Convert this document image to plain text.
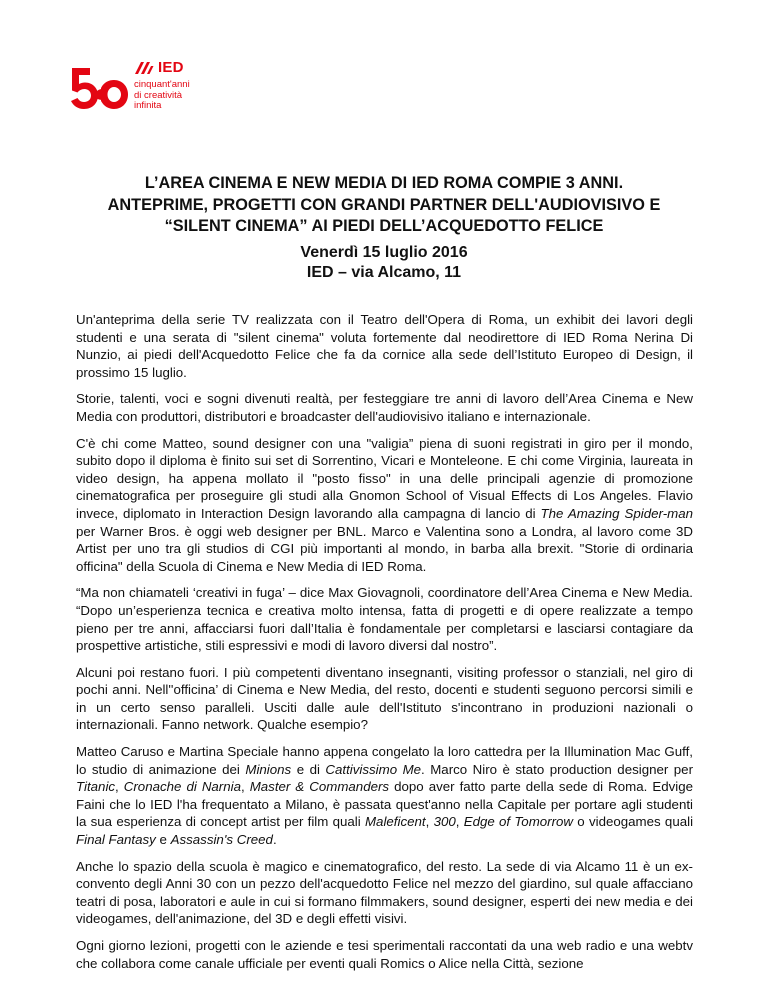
IED
cinquant'anni
di creatività
infinita
L’AREA CINEMA E NEW MEDIA DI IED ROMA COMPIE 3 ANNI.
ANTEPRIME, PROGETTI CON GRANDI PARTNER DELL'AUDIOVISIVO E
“SILENT CINEMA” AI PIEDI DELL’ACQUEDOTTO FELICE
Venerdì 15 luglio 2016
IED – via Alcamo, 11

Un'anteprima della serie TV realizzata con il Teatro dell'Opera di Roma, un exhibit dei lavori degli studenti e una serata di "silent cinema" voluta fortemente dal neodirettore di IED Roma Nerina Di Nunzio, ai piedi dell'Acquedotto Felice che fa da cornice alla sede dell’Istituto Europeo di Design, il prossimo 15 luglio.

Storie, talenti, voci e sogni divenuti realtà, per festeggiare tre anni di lavoro dell’Area Cinema e New Media con produttori, distributori e broadcaster dell'audiovisivo italiano e internazionale.

C'è chi come Matteo, sound designer con una "valigia” piena di suoni registrati in giro per il mondo, subito dopo il diploma è finito sui set di Sorrentino, Vicari e Monteleone. E chi come Virginia, laureata in video design, ha appena mollato il "posto fisso" in una delle principali agenzie di promozione cinematografica per proseguire gli studi alla Gnomon School of Visual Effects di Los Angeles. Flavio invece, diplomato in Interaction Design lavorando alla campagna di lancio di The Amazing Spider-man per Warner Bros. è oggi web designer per BNL. Marco e Valentina sono a Londra, al lavoro come 3D Artist per uno tra gli studios di CGI più importanti al mondo, in barba alla brexit. "Storie di ordinaria officina" della Scuola di Cinema e New Media di IED Roma.

“Ma non chiamateli ‘creativi in fuga’ – dice Max Giovagnoli, coordinatore dell’Area Cinema e New Media. “Dopo un’esperienza tecnica e creativa molto intensa, fatta di progetti e di opere realizzate a tempo pieno per tre anni, affacciarsi fuori dall’Italia è fondamentale per completarsi e lasciarsi contagiare da prospettive artistiche, stili espressivi e modi di lavoro diversi dal nostro”.

Alcuni poi restano fuori. I più competenti diventano insegnanti, visiting professor o stanziali, nel giro di pochi anni. Nell''officina’ di Cinema e New Media, del resto, docenti e studenti seguono percorsi simili e in un certo senso paralleli. Usciti dalle aule dell'Istituto s'incontrano in produzioni nazionali o internazionali. Fanno network. Qualche esempio?

Matteo Caruso e Martina Speciale hanno appena congelato la loro cattedra per la Illumination Mac Guff, lo studio di animazione dei Minions e di Cattivissimo Me. Marco Niro è stato production designer per Titanic, Cronache di Narnia, Master & Commanders dopo aver fatto parte della sede di Roma. Edvige Faini che lo IED l'ha frequentato a Milano, è passata quest'anno nella Capitale per portare agli studenti la sua esperienza di concept artist per film quali Maleficent, 300, Edge of Tomorrow o videogames quali Final Fantasy e Assassin's Creed.

Anche lo spazio della scuola è magico e cinematografico, del resto. La sede di via Alcamo 11 è un ex-convento degli Anni 30 con un pezzo dell'acquedotto Felice nel mezzo del giardino, sul quale affacciano teatri di posa, laboratori e aule in cui si formano filmmakers, sound designer, esperti dei new media e dei videogames, dell'animazione, del 3D e degli effetti visivi.

Ogni giorno lezioni, progetti con le aziende e tesi sperimentali raccontati da una web radio e una webtv che collabora come canale ufficiale per eventi quali Romics o Alice nella Città, sezione
